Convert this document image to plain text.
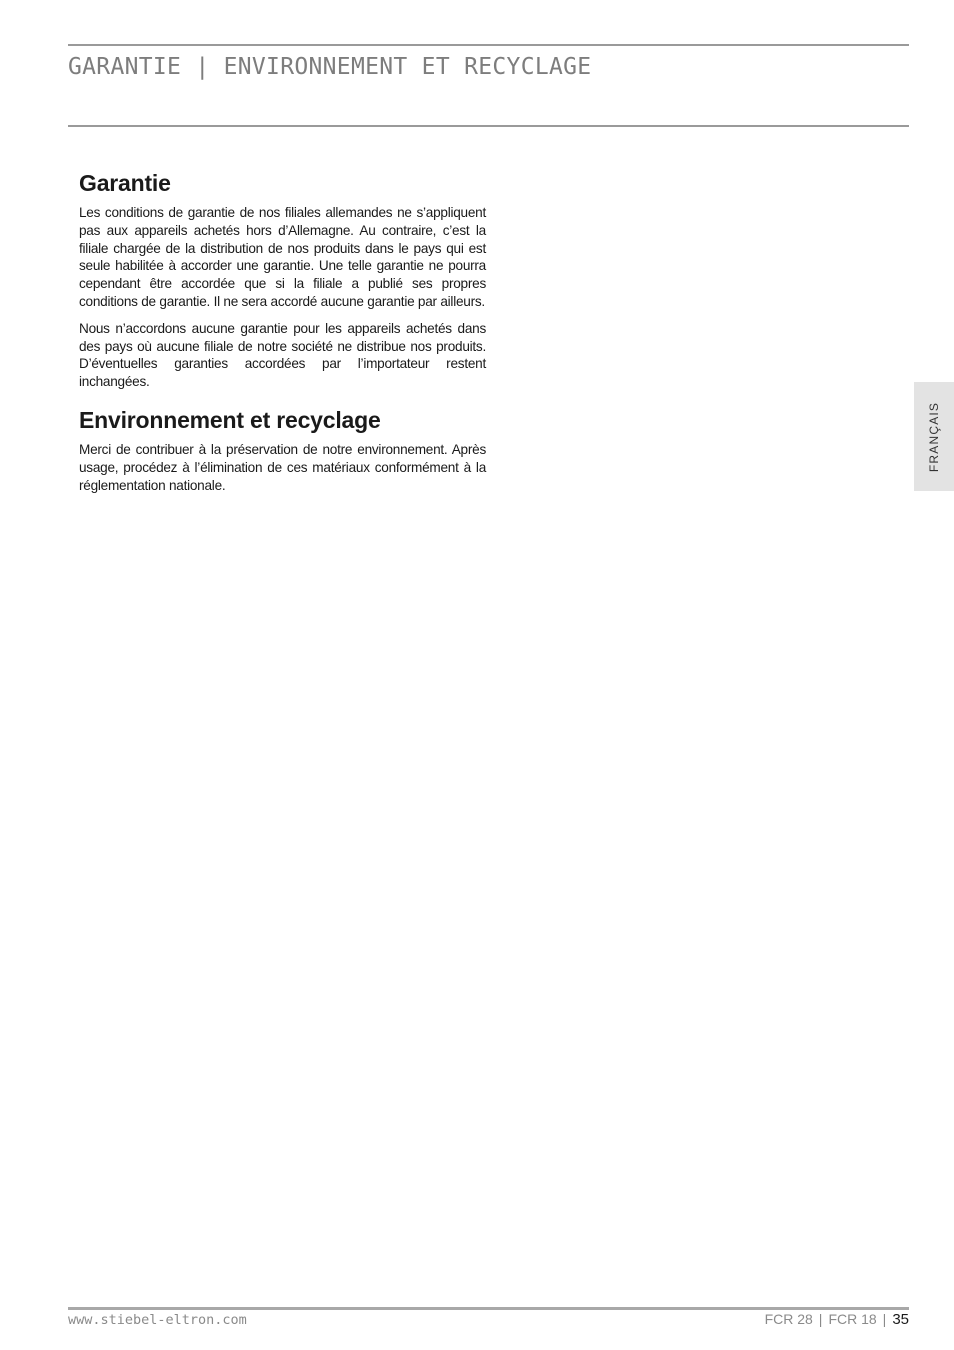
GARANTIE | ENVIRONNEMENT ET RECYCLAGE
Garantie

Les conditions de garantie de nos filiales allemandes ne s’appliquent pas aux appareils achetés hors d’Allemagne. Au contraire, c’est la filiale chargée de la distribution de nos produits dans le pays qui est seule habilitée à accorder une garantie. Une telle garantie ne pourra cependant être accordée que si la filiale a publié ses propres conditions de garantie. Il ne sera accordé aucune garantie par ailleurs.

Nous n’accordons aucune garantie pour les appareils achetés dans des pays où aucune filiale de notre société ne distribue nos produits. D’éventuelles garanties accordées par l’importateur restent inchangées.

Environnement et recyclage

Merci de contribuer à la préservation de notre environnement. Après usage, procédez à l’élimination de ces matériaux conformément à la réglementation nationale.

FRANÇAIS
www.stiebel-eltron.com	FCR 28 | FCR 18 | 35
